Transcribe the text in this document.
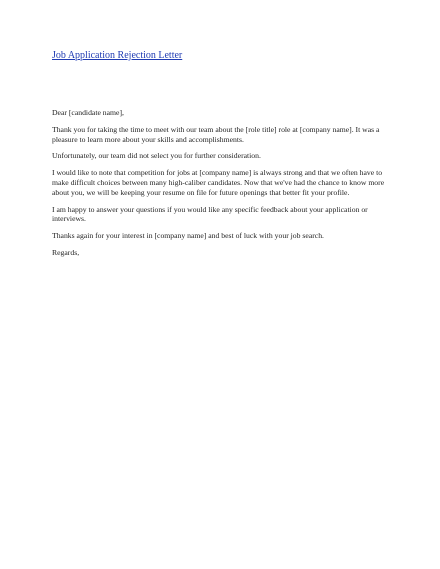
Job Application Rejection Letter

Dear [candidate name],

Thank you for taking the time to meet with our team about the [role title] role at [company name]. It was a pleasure to learn more about your skills and accomplishments.

Unfortunately, our team did not select you for further consideration.

I would like to note that competition for jobs at [company name] is always strong and that we often have to make difficult choices between many high-caliber candidates. Now that we've had the chance to know more about you, we will be keeping your resume on file for future openings that better fit your profile.

I am happy to answer your questions if you would like any specific feedback about your application or interviews.

Thanks again for your interest in [company name] and best of luck with your job search.

Regards,
